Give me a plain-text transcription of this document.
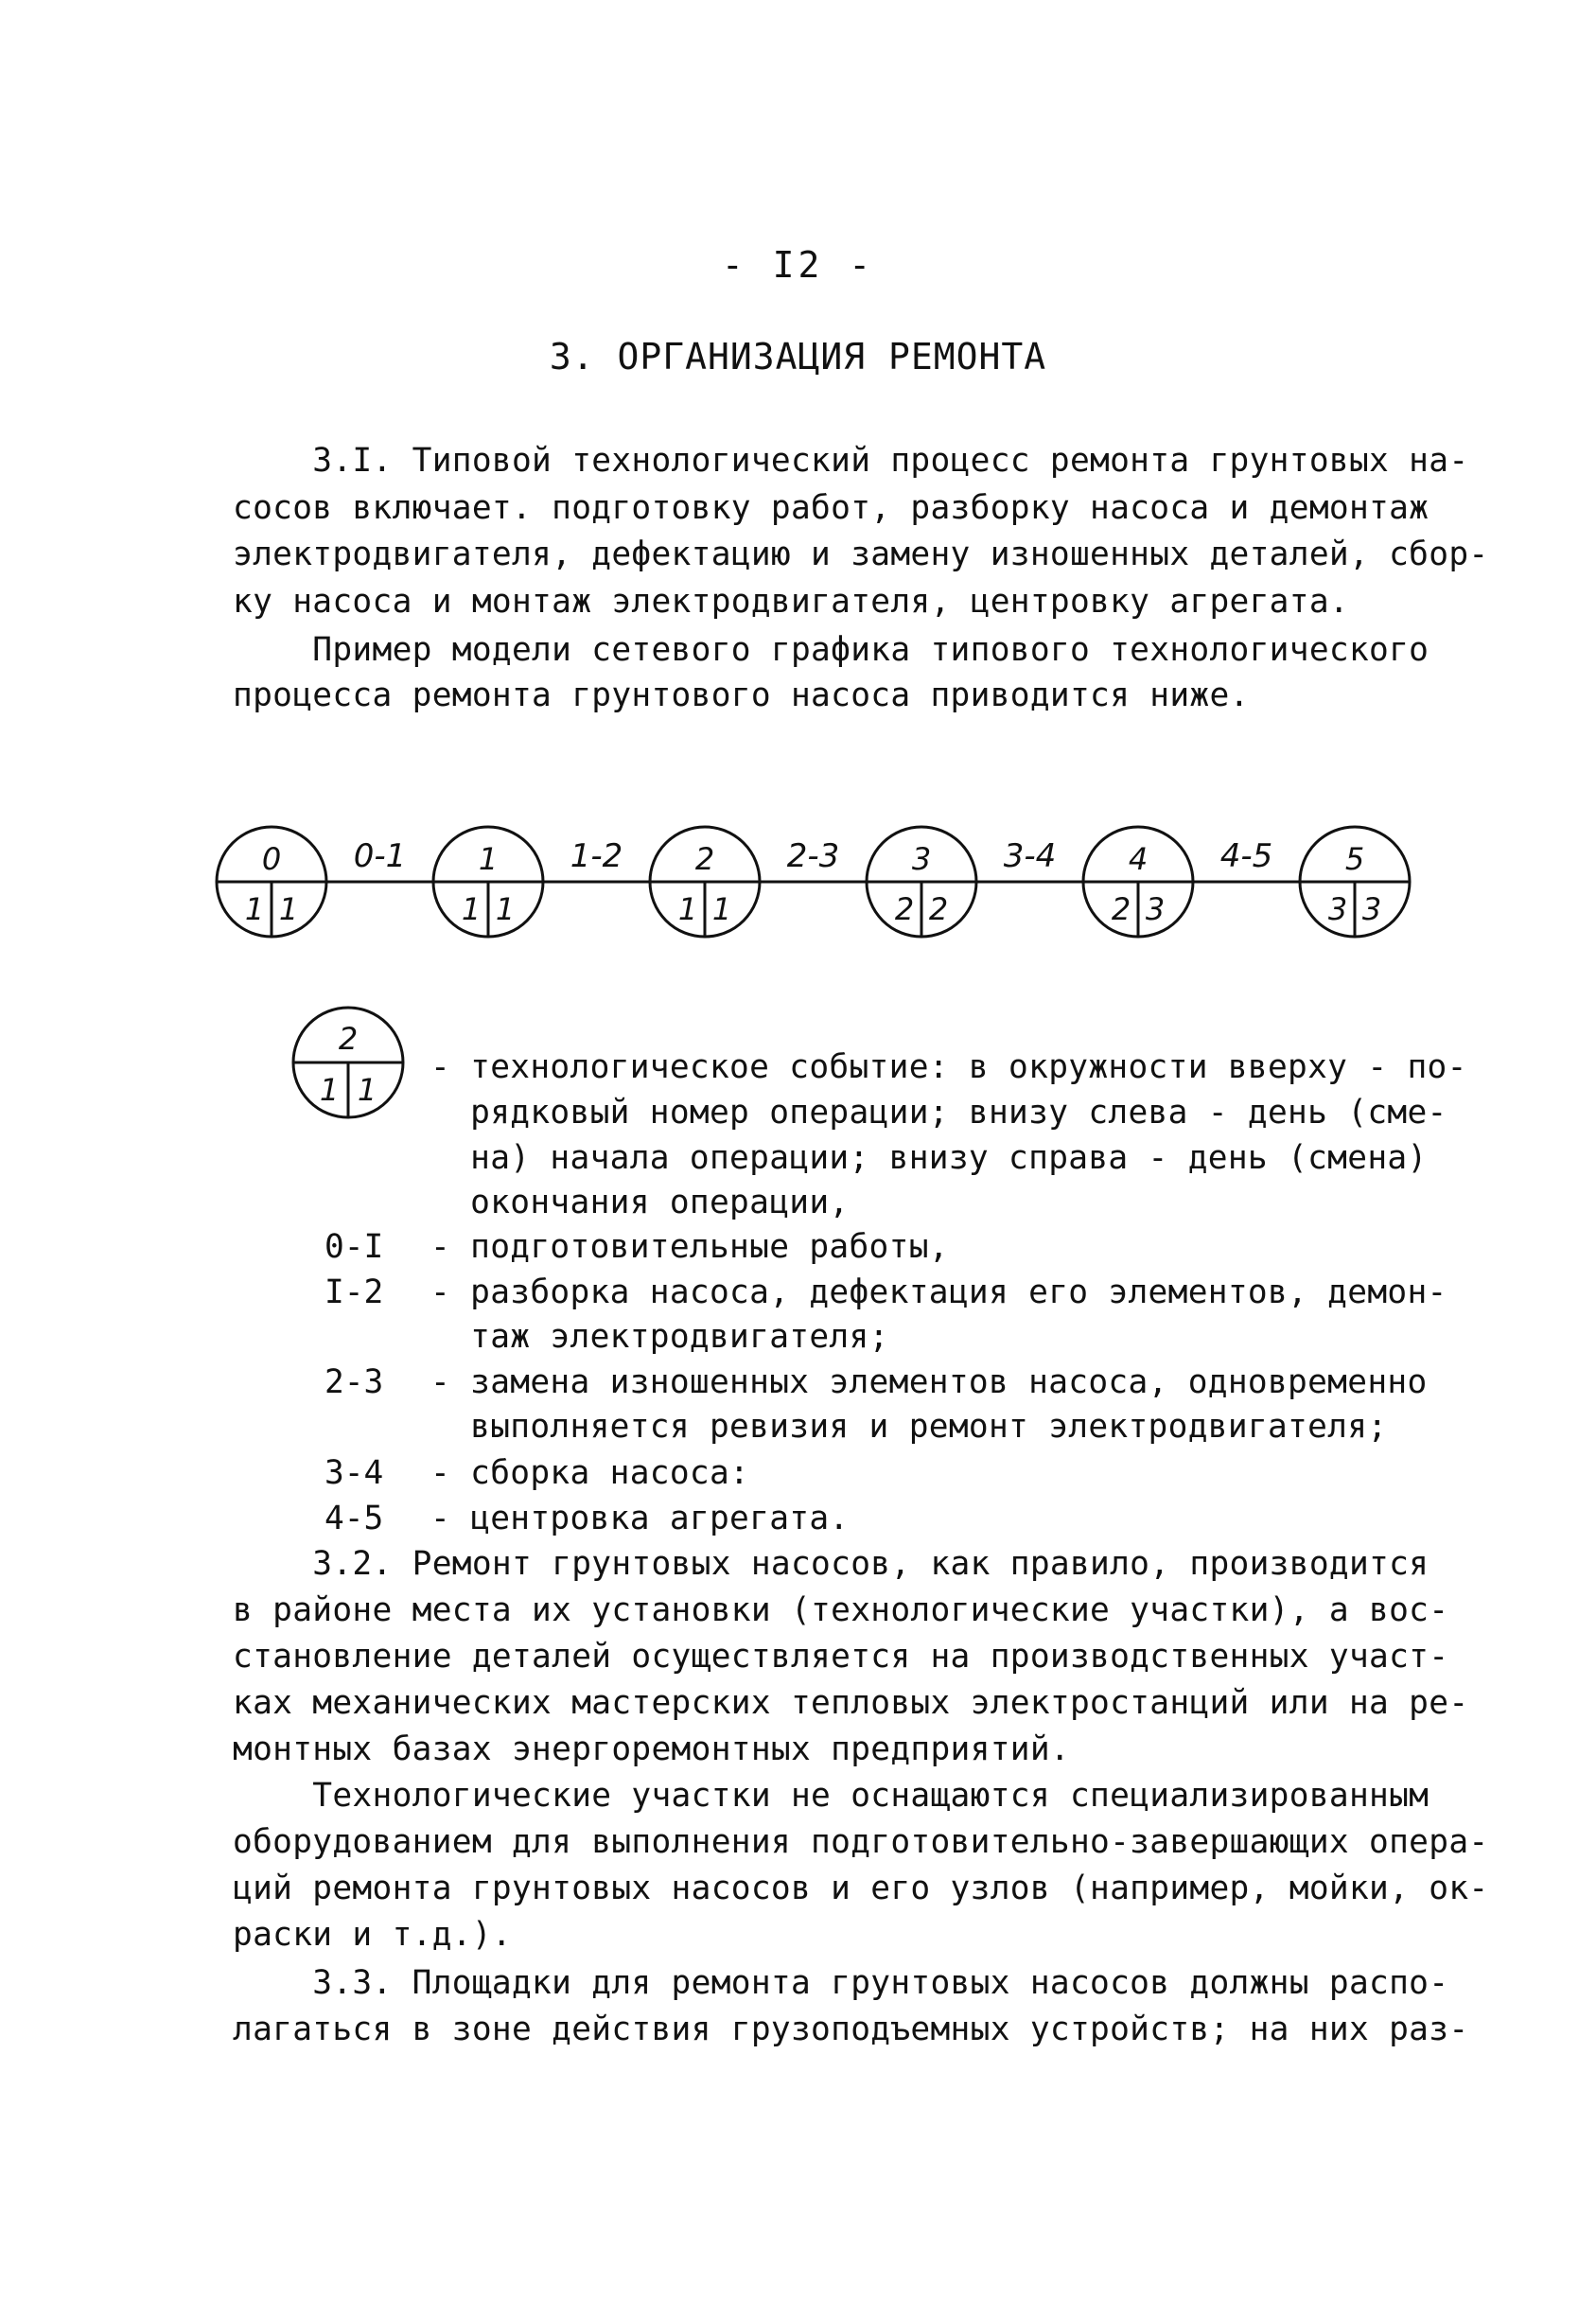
- I2 -
3. ОРГАНИЗАЦИЯ РЕМОНТА
3.I. Типовой технологический процесс ремонта грунтовых на-
сосов включает. подготовку работ, разборку насоса и демонтаж
электродвигателя, дефектацию и замену изношенных деталей, сбор-
ку насоса и монтаж электродвигателя, центровку агрегата.
Пример модели сетевого графика типового технологического
процесса ремонта грунтового насоса приводится ниже.
0-1
0
1 1
1-2
1
1 1
2-3
2
1 1
3-4
3
2 2
4-5
4
2 3
5
3 3
2
1 1
- технологическое событие: в окружности вверху - по-
рядковый номер операции; внизу слева - день (сме-
на) начала операции; внизу справа - день (смена)
окончания операции,
0-I - подготовительные работы,
I-2 - разборка насоса, дефектация его элементов, демон-
таж электродвигателя;
2-3 - замена изношенных элементов насоса, одновременно
выполняется ревизия и ремонт электродвигателя;
3-4 - сборка насоса:
4-5 - центровка агрегата.
3.2. Ремонт грунтовых насосов, как правило, производится
в районе места их установки (технологические участки), а вос-
становление деталей осуществляется на производственных участ-
ках механических мастерских тепловых электростанций или на ре-
монтных базах энергоремонтных предприятий.
Технологические участки не оснащаются специализированным
оборудованием для выполнения подготовительно-завершающих опера-
ций ремонта грунтовых насосов и его узлов (например, мойки, ок-
раски и т.д.).
3.3. Площадки для ремонта грунтовых насосов должны распо-
лагаться в зоне действия грузоподъемных устройств; на них раз-
